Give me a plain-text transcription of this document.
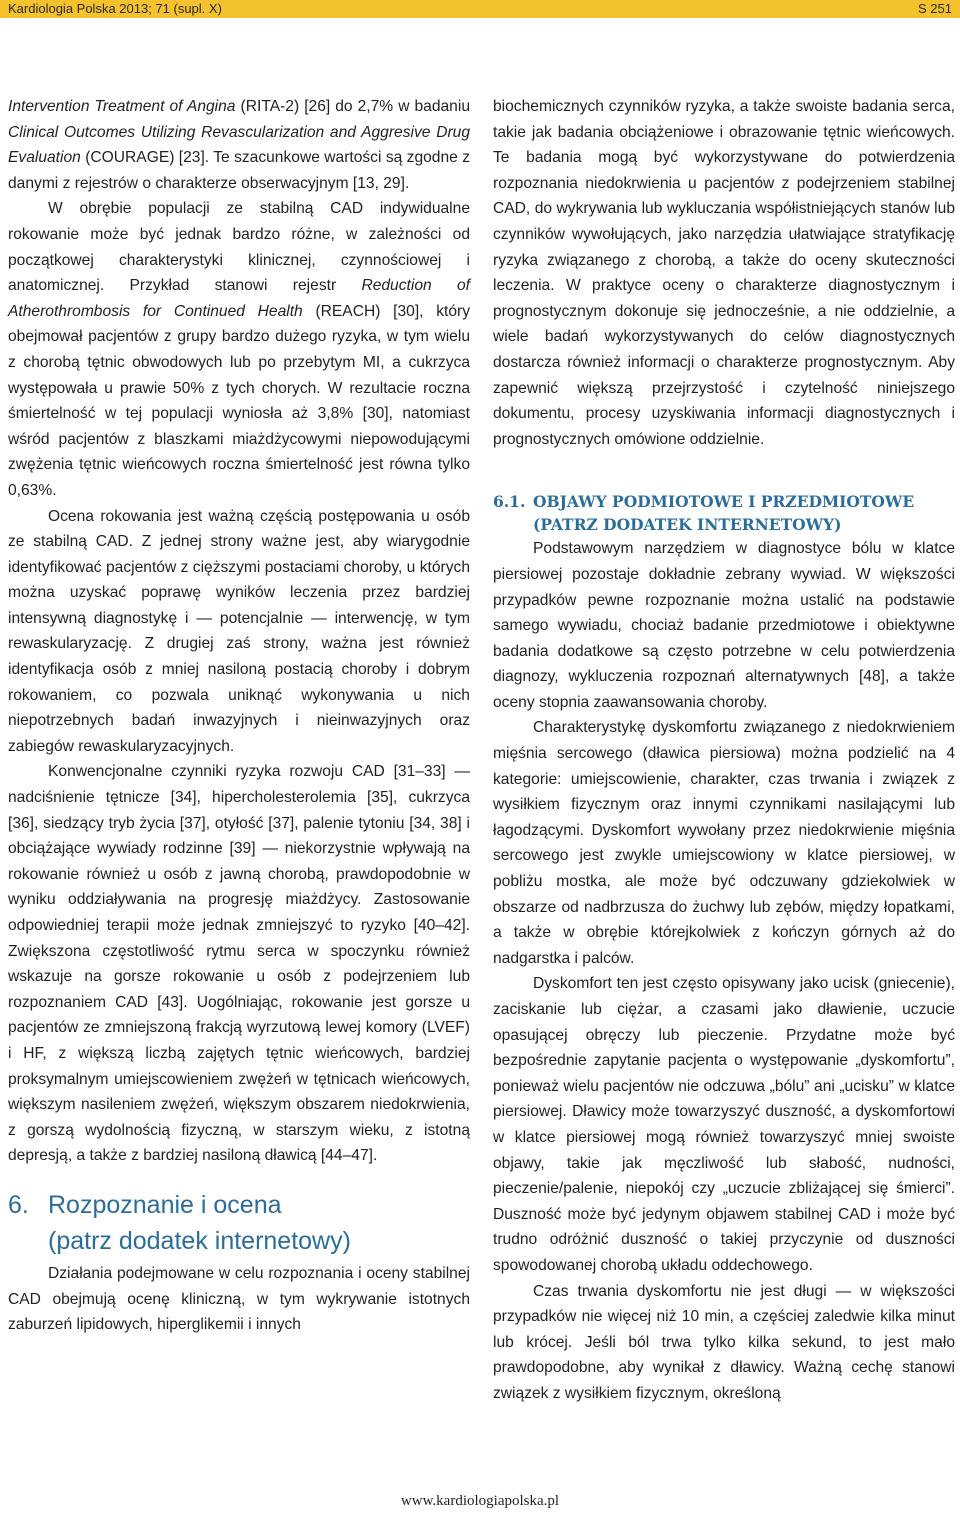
Kardiologia Polska 2013; 71 (supl. X)	S 251

Intervention Treatment of Angina (RITA-2) [26] do 2,7% w badaniu Clinical Outcomes Utilizing Revascularization and Aggresive Drug Evaluation (COURAGE) [23]. Te szacunkowe wartości są zgodne z danymi z rejestrów o charakterze obserwacyjnym [13, 29].

W obrębie populacji ze stabilną CAD indywidualne rokowanie może być jednak bardzo różne, w zależności od początkowej charakterystyki klinicznej, czynnościowej i anatomicznej. Przykład stanowi rejestr Reduction of Atherothrombosis for Continued Health (REACH) [30], który obejmował pacjentów z grupy bardzo dużego ryzyka, w tym wielu z chorobą tętnic obwodowych lub po przebytym MI, a cukrzyca występowała u prawie 50% z tych chorych. W rezultacie roczna śmiertelność w tej populacji wyniosła aż 3,8% [30], natomiast wśród pacjentów z blaszkami miażdżycowymi niepowodującymi zwężenia tętnic wieńcowych roczna śmiertelność jest równa tylko 0,63%.

Ocena rokowania jest ważną częścią postępowania u osób ze stabilną CAD. Z jednej strony ważne jest, aby wiarygodnie identyfikować pacjentów z cięższymi postaciami choroby, u których można uzyskać poprawę wyników leczenia przez bardziej intensywną diagnostykę i — potencjalnie — interwencję, w tym rewaskularyzację. Z drugiej zaś strony, ważna jest również identyfikacja osób z mniej nasiloną postacią choroby i dobrym rokowaniem, co pozwala uniknąć wykonywania u nich niepotrzebnych badań inwazyjnych i nieinwazyjnych oraz zabiegów rewaskularyzacyjnych.

Konwencjonalne czynniki ryzyka rozwoju CAD [31–33] — nadciśnienie tętnicze [34], hipercholesterolemia [35], cukrzyca [36], siedzący tryb życia [37], otyłość [37], palenie tytoniu [34, 38] i obciążające wywiady rodzinne [39] — niekorzystnie wpływają na rokowanie również u osób z jawną chorobą, prawdopodobnie w wyniku oddziaływania na progresję miażdżycy. Zastosowanie odpowiedniej terapii może jednak zmniejszyć to ryzyko [40–42]. Zwiększona częstotliwość rytmu serca w spoczynku również wskazuje na gorsze rokowanie u osób z podejrzeniem lub rozpoznaniem CAD [43]. Uogólniając, rokowanie jest gorsze u pacjentów ze zmniejszoną frakcją wyrzutową lewej komory (LVEF) i HF, z większą liczbą zajętych tętnic wieńcowych, bardziej proksymalnym umiejscowieniem zwężeń w tętnicach wieńcowych, większym nasileniem zwężeń, większym obszarem niedokrwienia, z gorszą wydolnością fizyczną, w starszym wieku, z istotną depresją, a także z bardziej nasiloną dławicą [44–47].

6. Rozpoznanie i ocena
(patrz dodatek internetowy)

Działania podejmowane w celu rozpoznania i oceny stabilnej CAD obejmują ocenę kliniczną, w tym wykrywanie istotnych zaburzeń lipidowych, hiperglikemii i innych

biochemicznych czynników ryzyka, a także swoiste badania serca, takie jak badania obciążeniowe i obrazowanie tętnic wieńcowych. Te badania mogą być wykorzystywane do potwierdzenia rozpoznania niedokrwienia u pacjentów z podejrzeniem stabilnej CAD, do wykrywania lub wykluczania współistniejących stanów lub czynników wywołujących, jako narzędzia ułatwiające stratyfikację ryzyka związanego z chorobą, a także do oceny skuteczności leczenia. W praktyce oceny o charakterze diagnostycznym i prognostycznym dokonuje się jednocześnie, a nie oddzielnie, a wiele badań wykorzystywanych do celów diagnostycznych dostarcza również informacji o charakterze prognostycznym. Aby zapewnić większą przejrzystość i czytelność niniejszego dokumentu, procesy uzyskiwania informacji diagnostycznych i prognostycznych omówione oddzielnie.

6.1. OBJAWY PODMIOTOWE I PRZEDMIOTOWE
(PATRZ DODATEK INTERNETOWY)

Podstawowym narzędziem w diagnostyce bólu w klatce piersiowej pozostaje dokładnie zebrany wywiad. W większości przypadków pewne rozpoznanie można ustalić na podstawie samego wywiadu, chociaż badanie przedmiotowe i obiektywne badania dodatkowe są często potrzebne w celu potwierdzenia diagnozy, wykluczenia rozpoznań alternatywnych [48], a także oceny stopnia zaawansowania choroby.

Charakterystykę dyskomfortu związanego z niedokrwieniem mięśnia sercowego (dławica piersiowa) można podzielić na 4 kategorie: umiejscowienie, charakter, czas trwania i związek z wysiłkiem fizycznym oraz innymi czynnikami nasilającymi lub łagodzącymi. Dyskomfort wywołany przez niedokrwienie mięśnia sercowego jest zwykle umiejscowiony w klatce piersiowej, w pobliżu mostka, ale może być odczuwany gdziekolwiek w obszarze od nadbrzusza do żuchwy lub zębów, między łopatkami, a także w obrębie którejkolwiek z kończyn górnych aż do nadgarstka i palców.

Dyskomfort ten jest często opisywany jako ucisk (gniecenie), zaciskanie lub ciężar, a czasami jako dławienie, uczucie opasującej obręczy lub pieczenie. Przydatne może być bezpośrednie zapytanie pacjenta o występowanie „dyskomfortu”, ponieważ wielu pacjentów nie odczuwa „bólu” ani „ucisku” w klatce piersiowej. Dławicy może towarzyszyć duszność, a dyskomfortowi w klatce piersiowej mogą również towarzyszyć mniej swoiste objawy, takie jak męczliwość lub słabość, nudności, pieczenie/palenie, niepokój czy „uczucie zbliżającej się śmierci”. Duszność może być jedynym objawem stabilnej CAD i może być trudno odróżnić duszność o takiej przyczynie od duszności spowodowanej chorobą układu oddechowego.

Czas trwania dyskomfortu nie jest długi — w większości przypadków nie więcej niż 10 min, a częściej zaledwie kilka minut lub krócej. Jeśli ból trwa tylko kilka sekund, to jest mało prawdopodobne, aby wynikał z dławicy. Ważną cechę stanowi związek z wysiłkiem fizycznym, określoną

www.kardiologiapolska.pl
